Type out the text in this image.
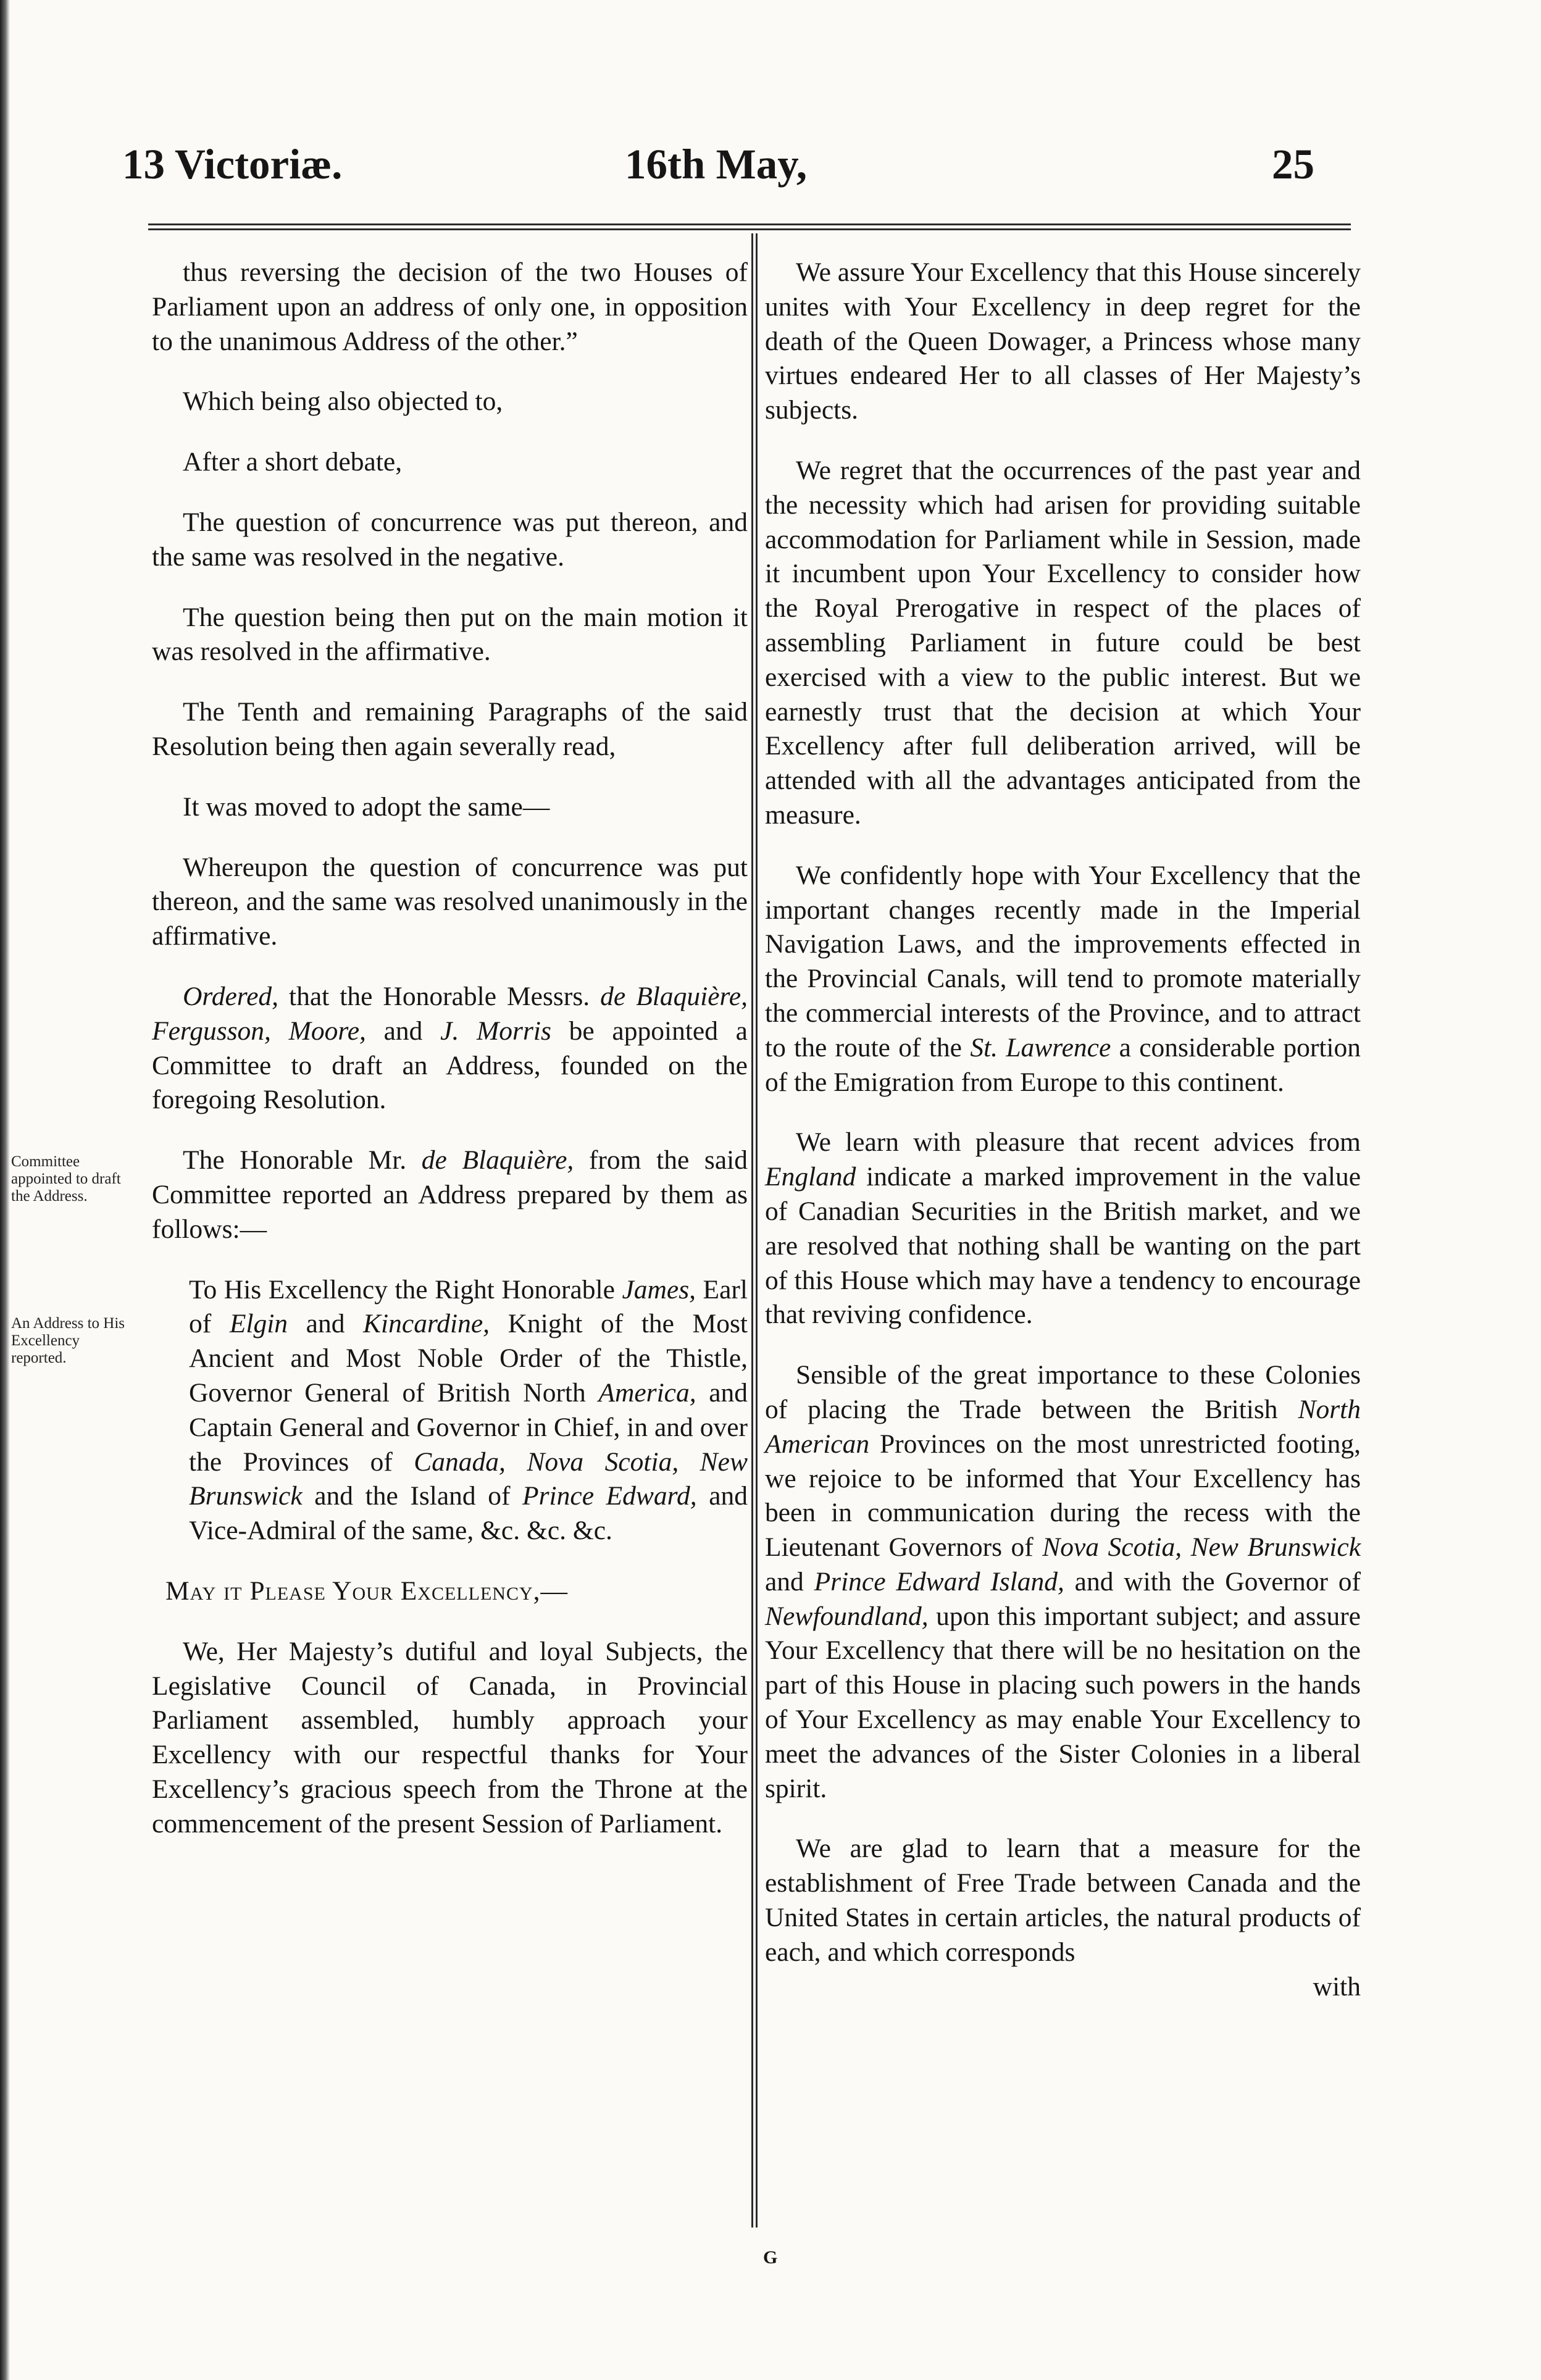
13 Victoriæ.	16th May,	25

thus reversing the decision of the two Houses of Parliament upon an address of only one, in opposition to the unanimous Address of the other.”

Which being also objected to,

After a short debate,

The question of concurrence was put thereon, and the same was resolved in the negative.

The question being then put on the main motion it was resolved in the affirmative.

The Tenth and remaining Paragraphs of the said Resolution being then again severally read,

It was moved to adopt the same—

Whereupon the question of concurrence was put thereon, and the same was resolved unanimously in the affirmative.

Ordered, that the Honorable Messrs. de Blaquière, Fergusson, Moore, and J. Morris be appointed a Committee to draft an Address, founded on the foregoing Resolution.

The Honorable Mr. de Blaquière, from the said Committee reported an Address prepared by them as follows:—

To His Excellency the Right Honorable James, Earl of Elgin and Kincardine, Knight of the Most Ancient and Most Noble Order of the Thistle, Governor General of British North America, and Captain General and Governor in Chief, in and over the Provinces of Canada, Nova Scotia, New Brunswick and the Island of Prince Edward, and Vice-Admiral of the same, &c. &c. &c.

May it Please Your Excellency,—

We, Her Majesty’s dutiful and loyal Subjects, the Legislative Council of Canada, in Provincial Parliament assembled, humbly approach your Excellency with our respectful thanks for Your Excellency’s gracious speech from the Throne at the commencement of the present Session of Parliament.

Committee appointed to draft the Address.
An Address to His Excellency reported.

We assure Your Excellency that this House sincerely unites with Your Excellency in deep regret for the death of the Queen Dowager, a Princess whose many virtues endeared Her to all classes of Her Majesty’s subjects.

We regret that the occurrences of the past year and the necessity which had arisen for providing suitable accommodation for Parliament while in Session, made it incumbent upon Your Excellency to consider how the Royal Prerogative in respect of the places of assembling Parliament in future could be best exercised with a view to the public interest. But we earnestly trust that the decision at which Your Excellency after full deliberation arrived, will be attended with all the advantages anticipated from the measure.

We confidently hope with Your Excellency that the important changes recently made in the Imperial Navigation Laws, and the improvements effected in the Provincial Canals, will tend to promote materially the commercial interests of the Province, and to attract to the route of the St. Lawrence a considerable portion of the Emigration from Europe to this continent.

We learn with pleasure that recent advices from England indicate a marked improvement in the value of Canadian Securities in the British market, and we are resolved that nothing shall be wanting on the part of this House which may have a tendency to encourage that reviving confidence.

Sensible of the great importance to these Colonies of placing the Trade between the British North American Provinces on the most unrestricted footing, we rejoice to be informed that Your Excellency has been in communication during the recess with the Lieutenant Governors of Nova Scotia, New Brunswick and Prince Edward Island, and with the Governor of Newfoundland, upon this important subject; and assure Your Excellency that there will be no hesitation on the part of this House in placing such powers in the hands of Your Excellency as may enable Your Excellency to meet the advances of the Sister Colonies in a liberal spirit.

We are glad to learn that a measure for the establishment of Free Trade between Canada and the United States in certain articles, the natural products of each, and which corresponds

with

G
